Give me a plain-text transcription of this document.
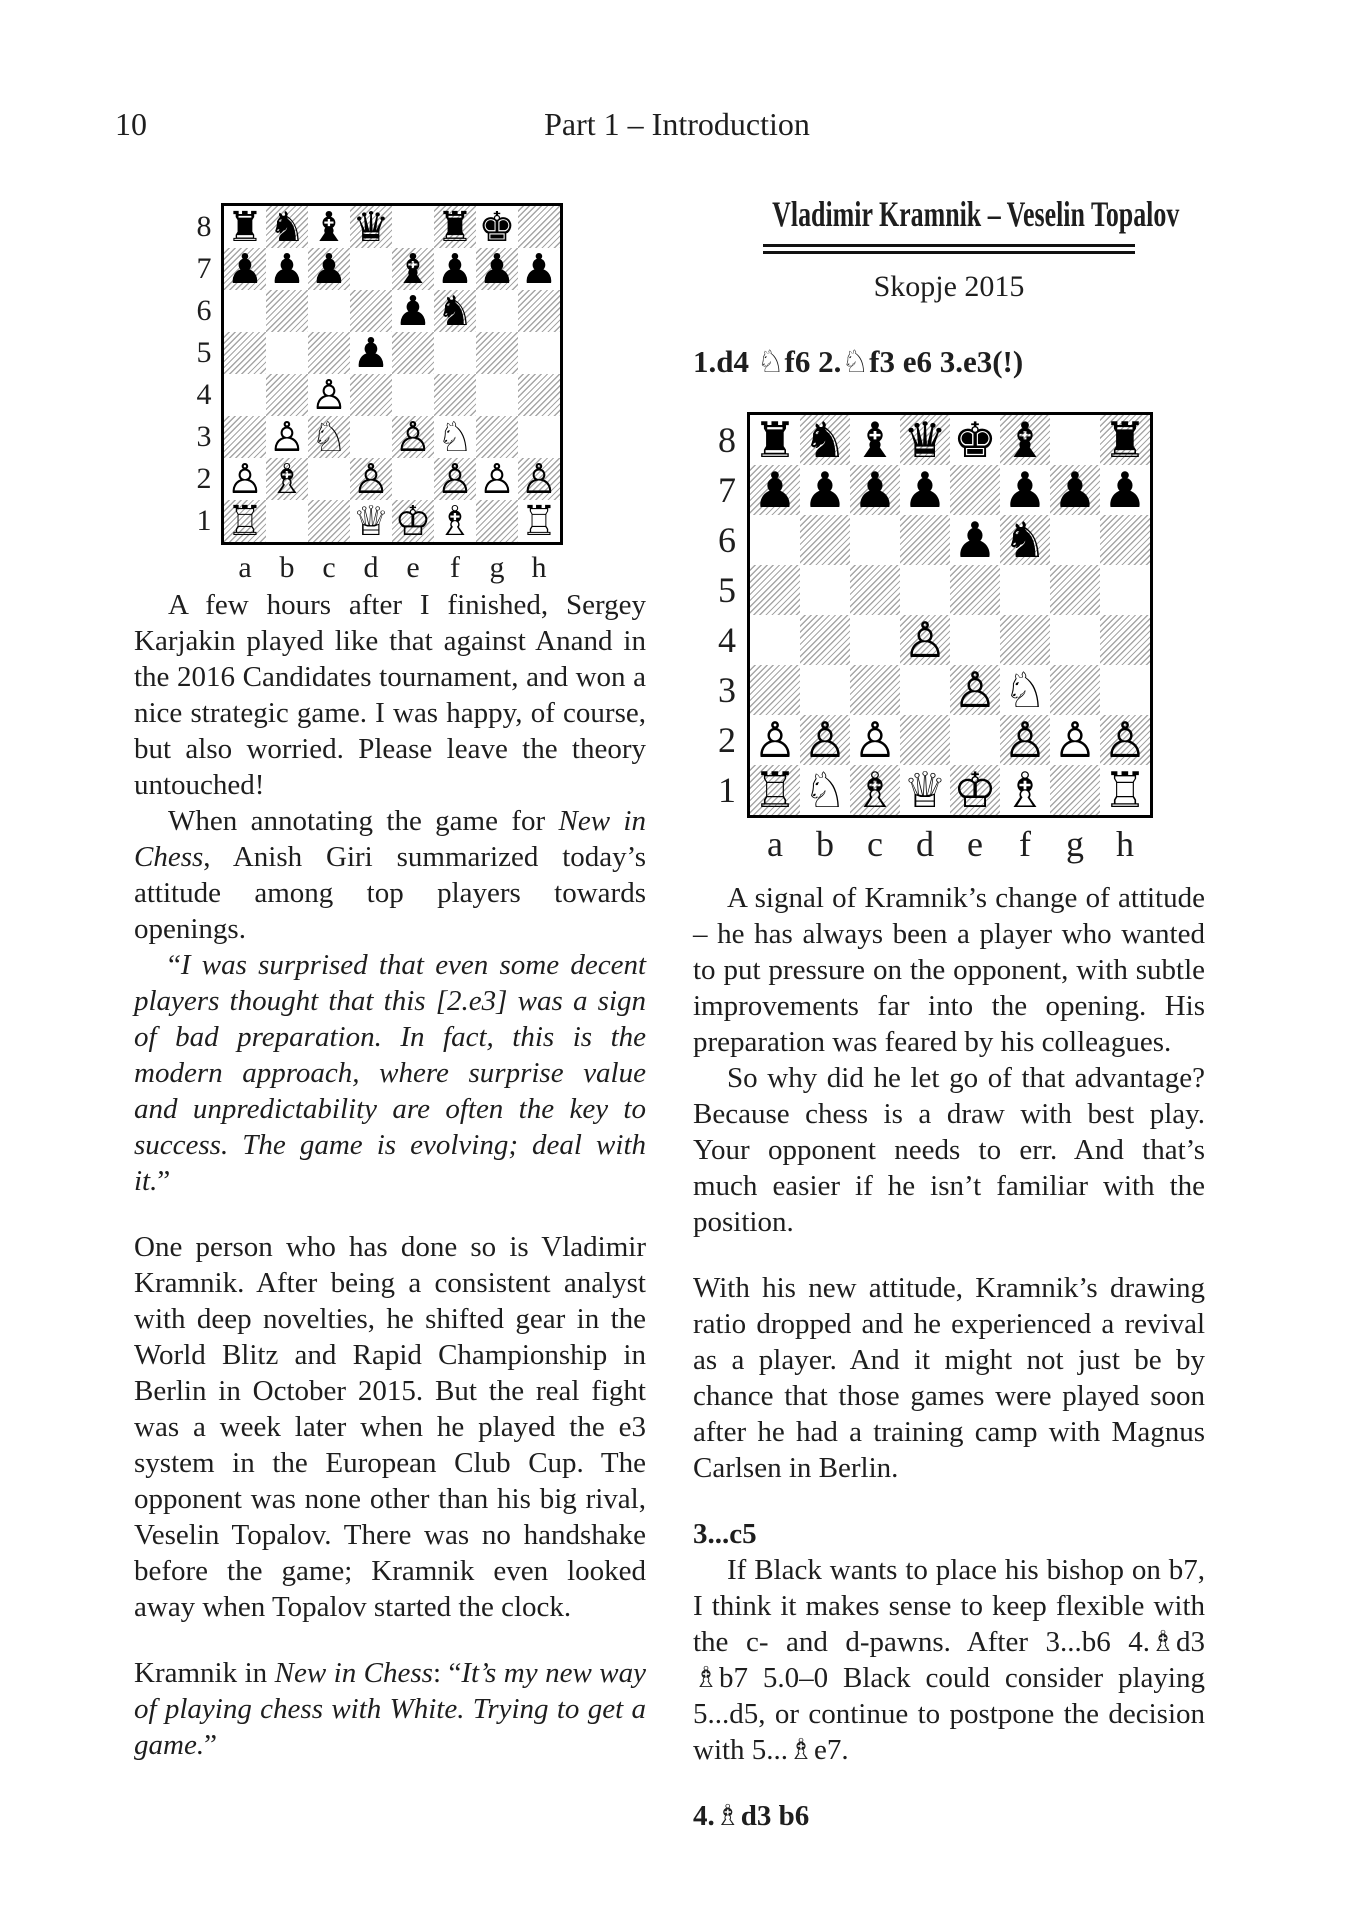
10	Part 1 – Introduction
8
7
6
5
4
3
2
1
♜ ♞ ♝ ♛ ♜ ♚
♟ ♟ ♟ ♝ ♟ ♟ ♟
♟ ♞
♟
♙
♙ ♘ ♙ ♘
♙ ♗ ♙ ♙ ♙ ♙
♖ ♕ ♔ ♗ ♖
a b c d e	f g h

A few hours after I finished, Sergey Karjakin played like that against Anand in the 2016 Candidates tournament, and won a nice strategic game. I was happy, of course, but also worried. Please leave the theory untouched!

When annotating the game for New in Chess, Anish Giri summarized today’s attitude among top players towards openings.

“I was surprised that even some decent players thought that this [2.e3] was a sign of bad preparation. In fact, this is the modern approach, where surprise value and unpredictability are often the key to success. The game is evolving; deal with it.”

One person who has done so is Vladimir Kramnik. After being a consistent analyst with deep novelties, he shifted gear in the World Blitz and Rapid Championship in Berlin in October 2015. But the real fight was a week later when he played the e3 system in the European Club Cup. The opponent was none other than his big rival, Veselin Topalov. There was no handshake before the game; Kramnik even looked away when Topalov started the clock.

Kramnik in New in Chess: “It’s my new way of playing chess with White. Trying to get a game.”

Vladimir Kramnik – Veselin Topalov
Skopje 2015
1.d4 ♘f6 2.♘f3 e6 3.e3(!)
8
7
6
5
4
3
2
1
♜ ♞ ♝ ♛ ♚ ♝ ♜
♟ ♟ ♟ ♟ ♟ ♟ ♟
♟ ♞
♙
♙ ♘
♙ ♙ ♙ ♙ ♙ ♙
♖ ♘ ♗ ♕ ♔ ♗ ♖
a b c d e	f g h

A signal of Kramnik’s change of attitude – he has always been a player who wanted to put pressure on the opponent, with subtle improvements far into the opening. His preparation was feared by his colleagues.

So why did he let go of that advantage? Because chess is a draw with best play. Your opponent needs to err. And that’s much easier if he isn’t familiar with the position.

With his new attitude, Kramnik’s drawing ratio dropped and he experienced a revival as a player. And it might not just be by chance that those games were played soon after he had a training camp with Magnus Carlsen in Berlin.

3...c5

If Black wants to place his bishop on b7, I think it makes sense to keep flexible with the c- and d-pawns. After 3...b6 4.♗d3 ♗b7 5.0–0 Black could consider playing 5...d5, or continue to postpone the decision with 5...♗e7.

4.♗d3 b6
